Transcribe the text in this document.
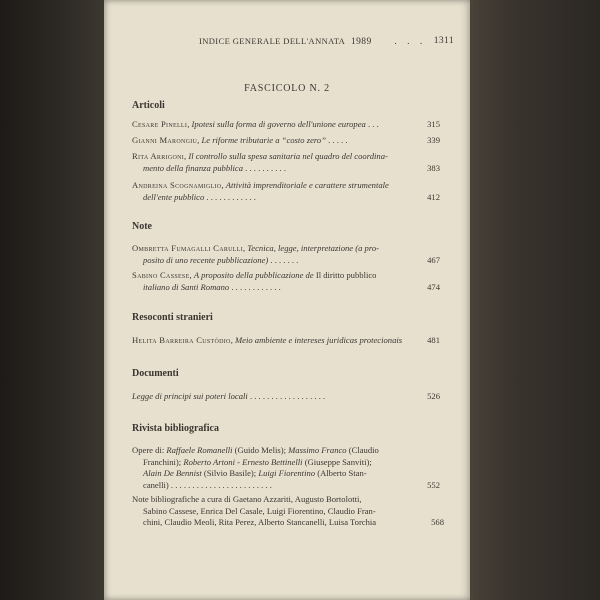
INDICE GENERALE DELL'ANNATA 1989 . . . 1311
FASCICOLO N. 2
Articoli
Cesare Pinelli, Ipotesi sulla forma di governo dell'unione europea . . .	315
Gianni Marongiu, Le riforme tributarie a “costo zero” . . . . .	339
Rita Arrigoni, Il controllo sulla spesa sanitaria nel quadro del coordina-
mento della finanza pubblica . . . . . . . . . .	383
Andreina Scognamiglio, Attività imprenditoriale e carattere strumentale
dell'ente pubblico . . . . . . . . . . . .	412
Note
Ombretta Fumagalli Carulli, Tecnica, legge, interpretazione (a pro-
posito di uno recente pubblicazione) . . . . . . .	467
Sabino Cassese, A proposito della pubblicazione de Il diritto pubblico
italiano di Santi Romano . . . . . . . . . . . .	474
Resoconti stranieri
Helita Barreira Custódio, Meio ambiente e intereses juridicas protecionais	481
Documenti
Legge di principi sui poteri locali . . . . . . . . . . . . . . . . . .	526
Rivista bibliografica
Opere di: Raffaele Romanelli (Guido Melis); Massimo Franco (Claudio
Franchini); Roberto Artoni - Ernesto Bettinelli (Giuseppe Sanviti);
Alain De Bennist (Silvio Basile); Luigi Fiorentino (Alberto Stan-
canelli) . . . . . . . . . . . . . . . . . . . . . . . .	552
Note bibliografiche a cura di Gaetano Azzariti, Augusto Bortolotti,
Sabino Cassese, Enrica Del Casale, Luigi Fiorentino, Claudio Fran-
chini, Claudio Meoli, Rita Perez, Alberto Stancanelli, Luisa Torchia	568
